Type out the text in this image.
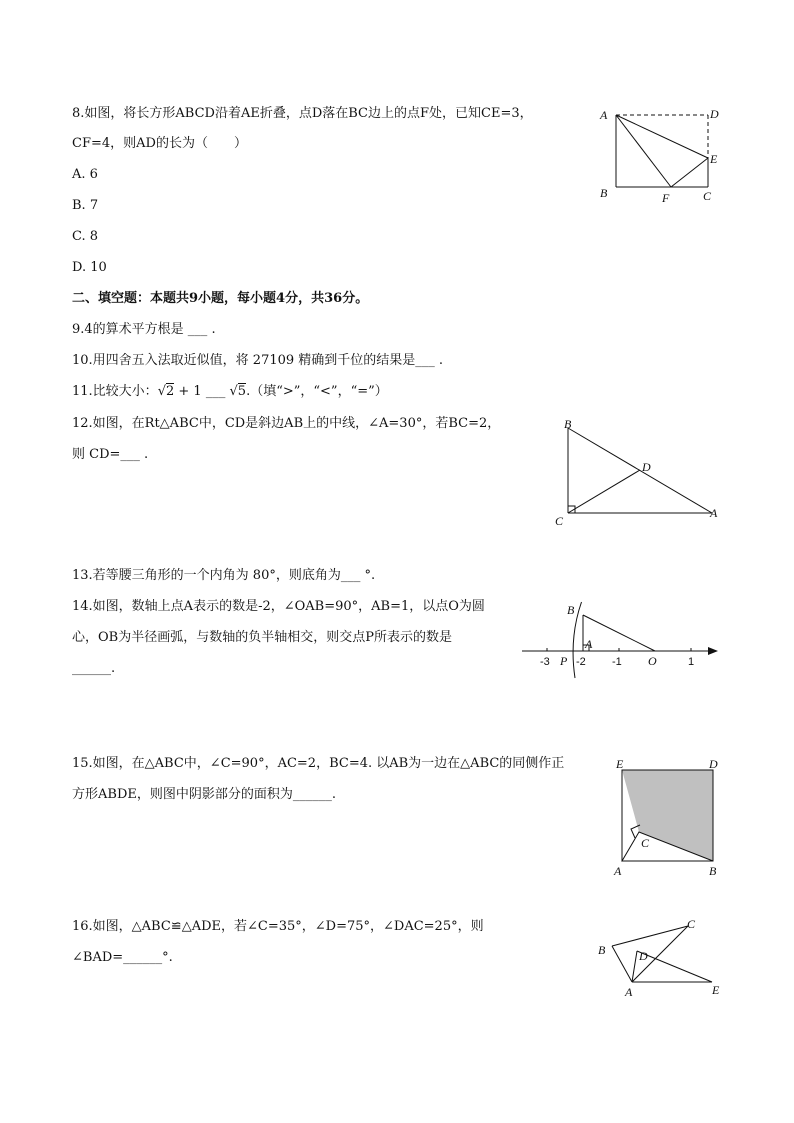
8.如图，将长方形ABCD沿着AE折叠，点D落在BC边上的点F处，已知CE=3，
CF=4，则AD的长为（　　）
A. 6
B. 7
C. 8
D. 10
A	D
E
B	F	C
二、填空题：本题共9小题，每小题4分，共36分。
9.4的算术平方根是 ___ .
10.用四舍五入法取近似值，将 27109 精确到千位的结果是___ .
11.比较大小：√2 + 1 ___ √5.（填“>”，“<”，“=”）
12.如图，在Rt△ABC中，CD是斜边AB上的中线，∠A=30°，若BC=2，
则 CD=___ .
B
D
C
A
13.若等腰三角形的一个内角为 80°，则底角为___ °.
14.如图，数轴上点A表示的数是-2，∠OAB=90°，AB=1，以点O为圆
心，OB为半径画弧，与数轴的负半轴相交，则交点P所表示的数是
______.
B
A
-3 P -2 -1 O	1
15.如图，在△ABC中，∠C=90°，AC=2，BC=4. 以AB为一边在△ABC的同侧作正
方形ABDE，则图中阴影部分的面积为______.
E	D
C
A	B
16.如图，△ABC≌△ADE，若∠C=35°，∠D=75°，∠DAC=25°，则
∠BAD=______°.
C
B	D
A	E
